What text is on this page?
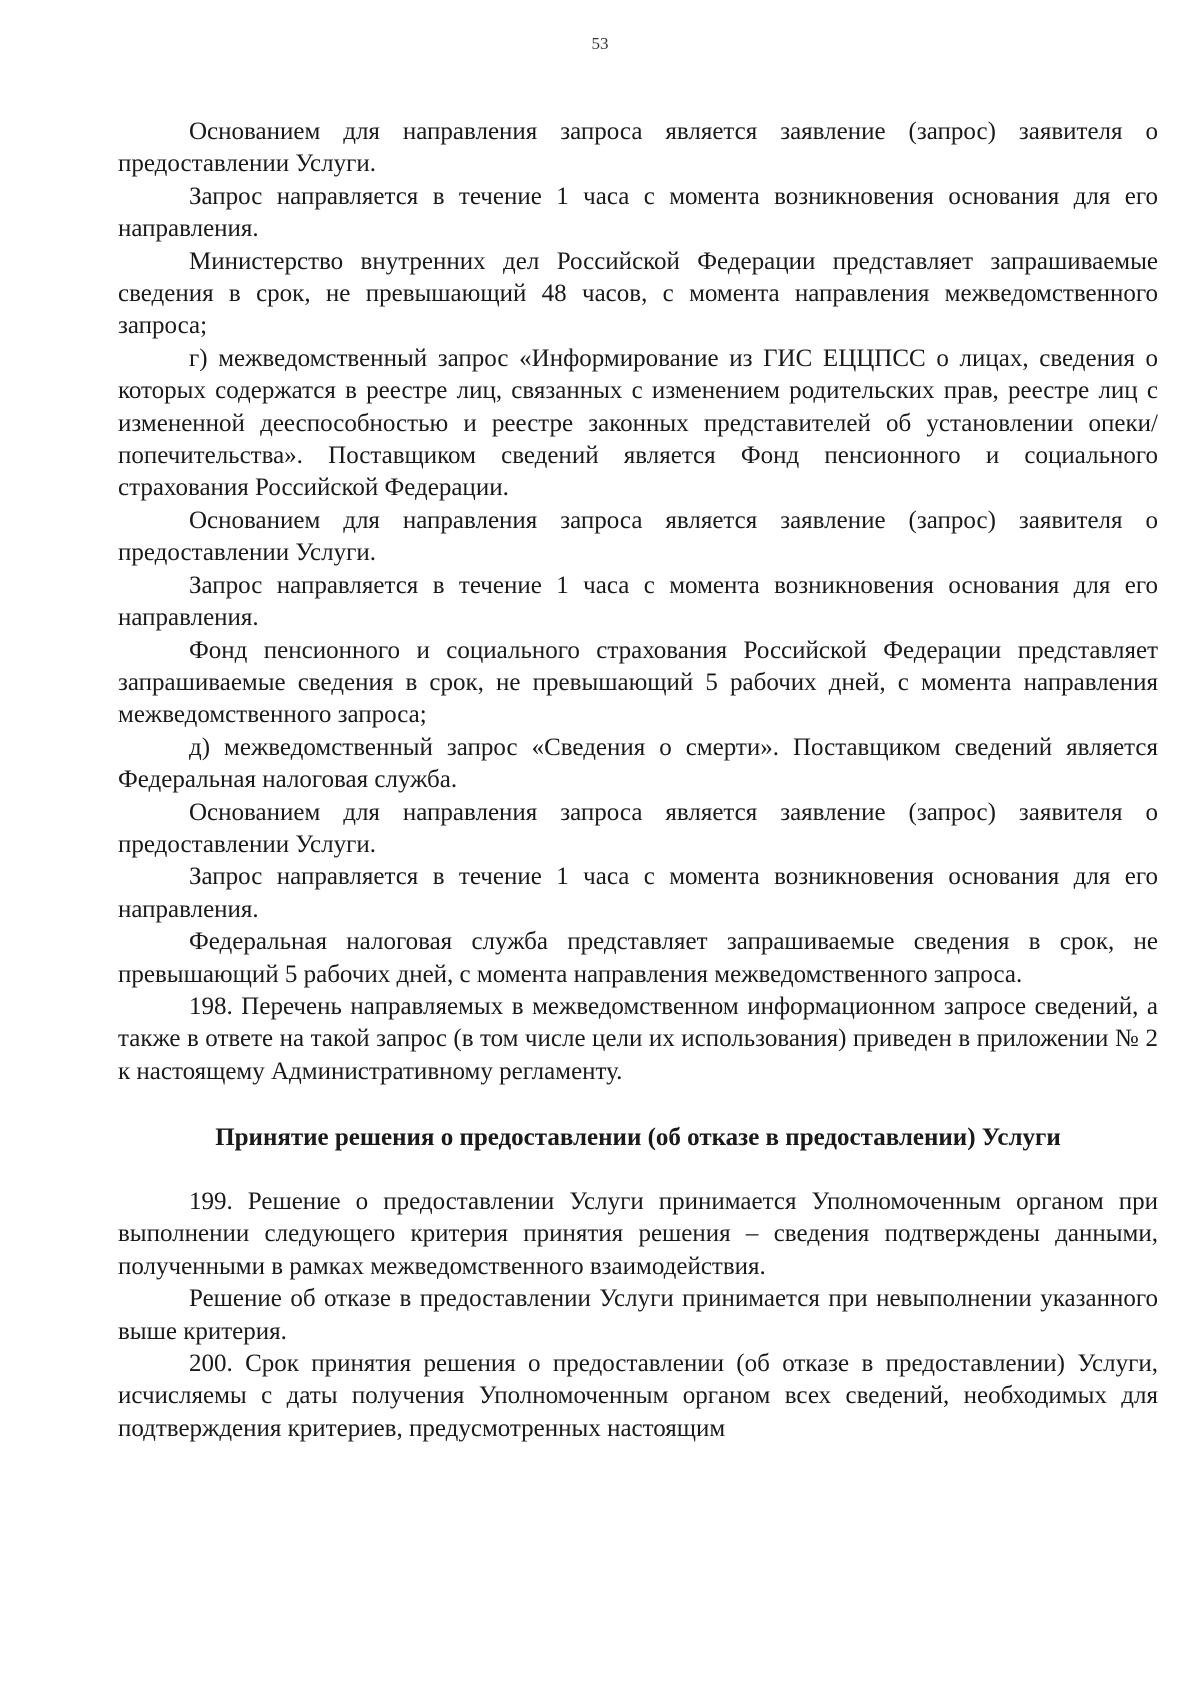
53

Основанием для направления запроса является заявление (запрос) заявителя о предоставлении Услуги.

Запрос направляется в течение 1 часа с момента возникновения основания для его направления.

Министерство внутренних дел Российской Федерации представляет запрашиваемые сведения в срок, не превышающий 48 часов, с момента направления межведомственного запроса;

г) межведомственный запрос «Информирование из ГИС ЕЦЦПСС о лицах, сведения о которых содержатся в реестре лиц, связанных с изменением родительских прав, реестре лиц с измененной дееспособностью и реестре законных представителей об установлении опеки/попечительства». Поставщиком сведений является Фонд пенсионного и социального страхования Российской Федерации.

Основанием для направления запроса является заявление (запрос) заявителя о предоставлении Услуги.

Запрос направляется в течение 1 часа с момента возникновения основания для его направления.

Фонд пенсионного и социального страхования Российской Федерации представляет запрашиваемые сведения в срок, не превышающий 5 рабочих дней, с момента направления межведомственного запроса;

д) межведомственный запрос «Сведения о смерти». Поставщиком сведений является Федеральная налоговая служба.

Основанием для направления запроса является заявление (запрос) заявителя о предоставлении Услуги.

Запрос направляется в течение 1 часа с момента возникновения основания для его направления.

Федеральная налоговая служба представляет запрашиваемые сведения в срок, не превышающий 5 рабочих дней, с момента направления межведомственного запроса.

198. Перечень направляемых в межведомственном информационном запросе сведений, а также в ответе на такой запрос (в том числе цели их использования) приведен в приложении № 2 к настоящему Административному регламенту.

Принятие решения о предоставлении (об отказе в предоставлении) Услуги

199. Решение о предоставлении Услуги принимается Уполномоченным органом при выполнении следующего критерия принятия решения – сведения подтверждены данными, полученными в рамках межведомственного взаимодействия.

Решение об отказе в предоставлении Услуги принимается при невыполнении указанного выше критерия.

200. Срок принятия решения о предоставлении (об отказе в предоставлении) Услуги, исчисляемы с даты получения Уполномоченным органом всех сведений, необходимых для подтверждения критериев, предусмотренных настоящим
